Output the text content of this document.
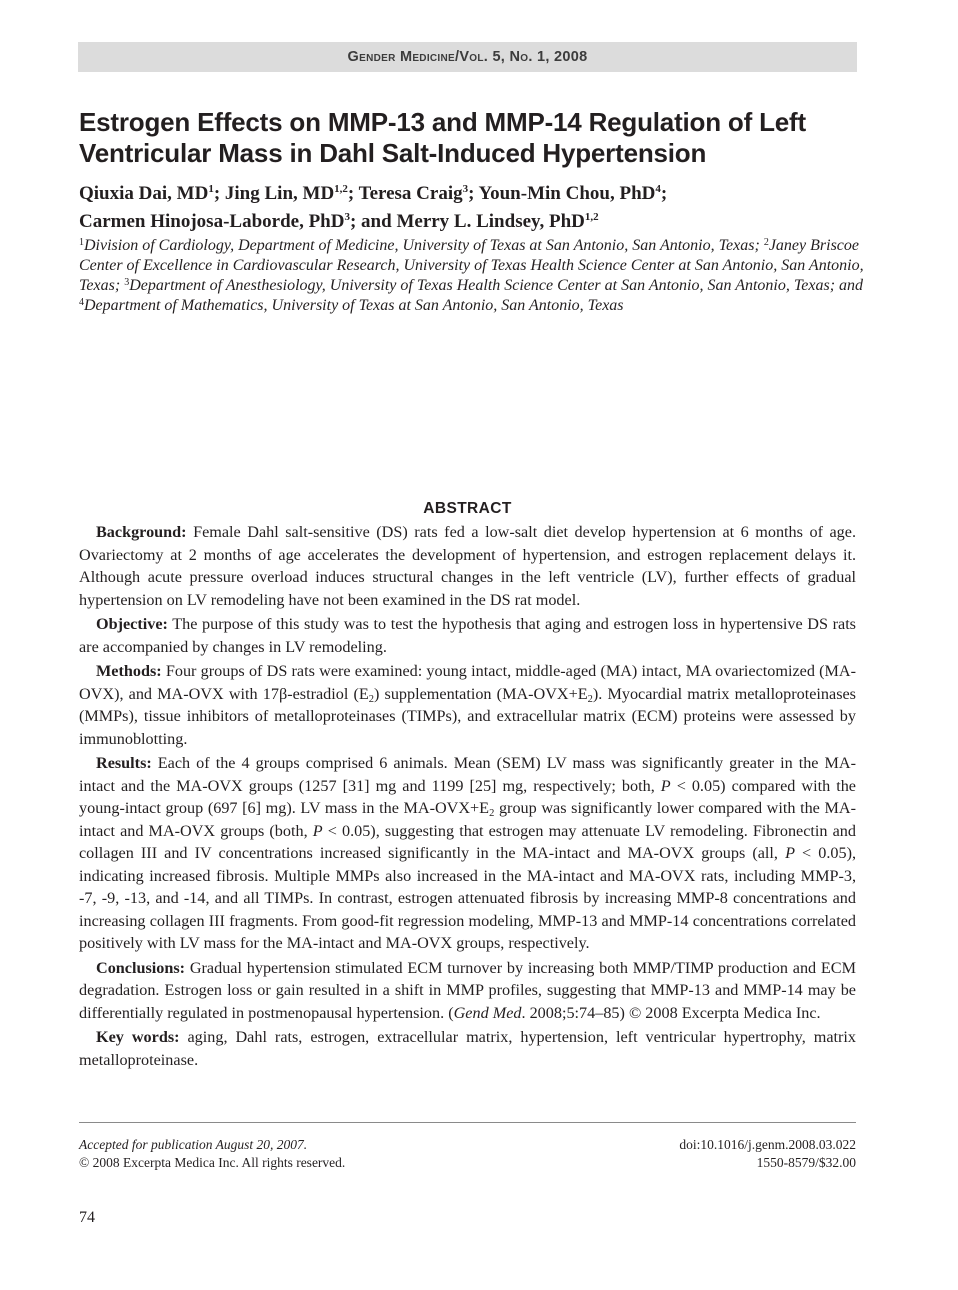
Gender Medicine/Vol. 5, No. 1, 2008
Estrogen Effects on MMP-13 and MMP-14 Regulation of Left Ventricular Mass in Dahl Salt-Induced Hypertension
Qiuxia Dai, $MD^1$; Jing Lin, MD$^{1,2}$; Teresa Craig$^3$; Youn-Min Chou, PhD$^4$;
Carmen Hinojosa-Laborde, PhD$^3$; and Merry L. Lindsey, PhD$^{1,2}$
$^1$Division of Cardiology, Department of Medicine, University of Texas at San Antonio, San Antonio, Texas; $^2$Janey Briscoe Center of Excellence in Cardiovascular Research, University of Texas Health Science Center at San Antonio, San Antonio, Texas; $^3$Department of Anesthesiology, University of Texas Health Science Center at San Antonio, San Antonio, Texas; and $^4$Department of Mathematics, University of Texas at San Antonio, San Antonio, Texas
ABSTRACT

Background: Female Dahl salt-sensitive (DS) rats fed a low-salt diet develop hypertension at 6 months of age. Ovariectomy at 2 months of age accelerates the development of hypertension, and estrogen replacement delays it. Although acute pressure overload induces structural changes in the left ventricle (LV), further effects of gradual hypertension on LV remodeling have not been examined in the DS rat model.

Objective: The purpose of this study was to test the hypothesis that aging and estrogen loss in hypertensive DS rats are accompanied by changes in LV remodeling.

Methods: Four groups of DS rats were examined: young intact, middle-aged (MA) intact, MA ovariectomized (MA-OVX), and MA-OVX with 17β-estradiol $(E_2)$ supplementation $(MA-OVX+E_2)$. Myocardial matrix metalloproteinases (MMPs), tissue inhibitors of metalloproteinases (TIMPs), and extracellular matrix (ECM) proteins were assessed by immunoblotting.

Results: Each of the 4 groups comprised 6 animals. Mean (SEM) LV mass was significantly greater in the MA-intact and the MA-OVX groups (1257 [31] mg and 1199 [25] mg, respectively; both, P < 0.05) compared with the young-intact group (697 [6] mg). LV mass in the $MA-OVX+E_2$ group was significantly lower compared with the MA-intact and MA-OVX groups (both, P < 0.05), suggesting that estrogen may attenuate LV remodeling. Fibronectin and collagen III and IV concentrations increased significantly in the MA-intact and MA-OVX groups (all, P < 0.05), indicating increased fibrosis. Multiple MMPs also increased in the MA-intact and MA-OVX rats, including MMP-3, -7, -9, -13, and -14, and all TIMPs. In contrast, estrogen attenuated fibrosis by increasing MMP-8 concentrations and increasing collagen III fragments. From good-fit regression modeling, MMP-13 and MMP-14 concentrations correlated positively with LV mass for the MA-intact and MA-OVX groups, respectively.

Conclusions: Gradual hypertension stimulated ECM turnover by increasing both MMP/TIMP production and ECM degradation. Estrogen loss or gain resulted in a shift in MMP profiles, suggesting that MMP-13 and MMP-14 may be differentially regulated in postmenopausal hypertension. (Gend Med. 2008;5:74–85) © 2008 Excerpta Medica Inc.

Key words: aging, Dahl rats, estrogen, extracellular matrix, hypertension, left ventricular hypertrophy, matrix metalloproteinase.

Accepted for publication August 20, 2007.
© 2008 Excerpta Medica Inc. All rights reserved.
doi:10.1016/j.genm.2008.03.022
1550-8579/$32.00
74
